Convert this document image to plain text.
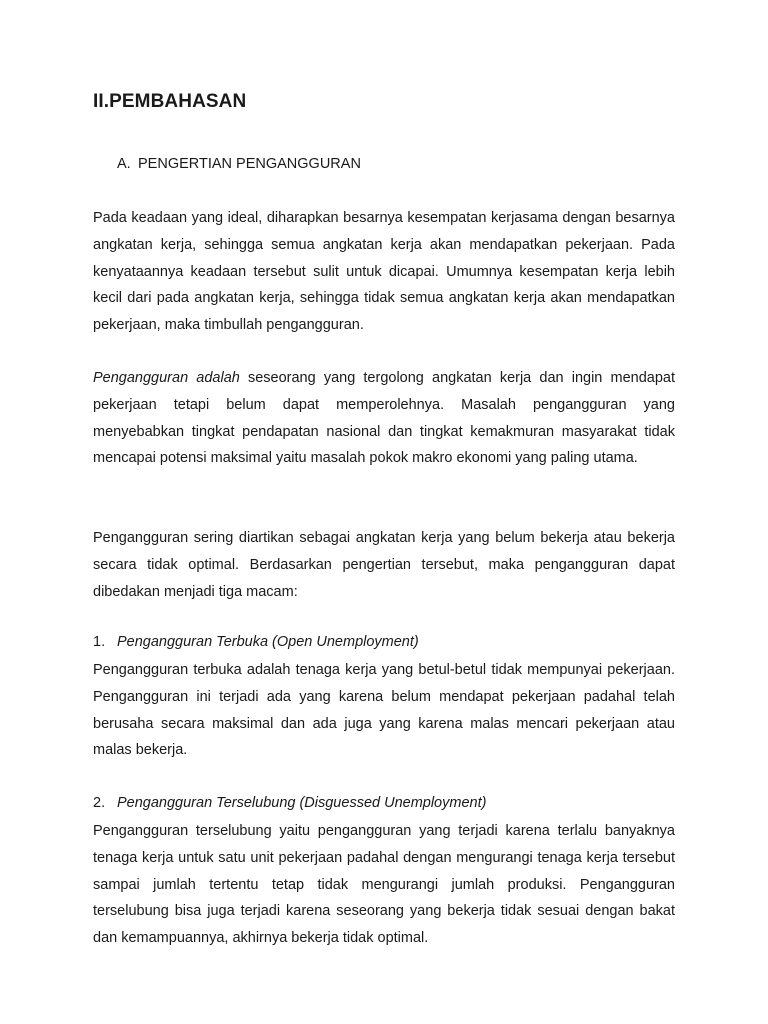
II.PEMBAHASAN
A. PENGERTIAN PENGANGGURAN

Pada keadaan yang ideal, diharapkan besarnya kesempatan kerjasama dengan besarnya angkatan kerja, sehingga semua angkatan kerja akan mendapatkan pekerjaan. Pada kenyataannya keadaan tersebut sulit untuk dicapai. Umumnya kesempatan kerja lebih kecil dari pada angkatan kerja, sehingga tidak semua angkatan kerja akan mendapatkan pekerjaan, maka timbullah pengangguran.

Pengangguran adalah seseorang yang tergolong angkatan kerja dan ingin mendapat pekerjaan tetapi belum dapat memperolehnya. Masalah pengangguran yang menyebabkan tingkat pendapatan nasional dan tingkat kemakmuran masyarakat tidak mencapai potensi maksimal yaitu masalah pokok makro ekonomi yang paling utama.

Pengangguran sering diartikan sebagai angkatan kerja yang belum bekerja atau bekerja secara tidak optimal. Berdasarkan pengertian tersebut, maka pengangguran dapat dibedakan menjadi tiga macam:

1. Pengangguran Terbuka (Open Unemployment)

Pengangguran terbuka adalah tenaga kerja yang betul-betul tidak mempunyai pekerjaan. Pengangguran ini terjadi ada yang karena belum mendapat pekerjaan padahal telah berusaha secara maksimal dan ada juga yang karena malas mencari pekerjaan atau malas bekerja.

2. Pengangguran Terselubung (Disguessed Unemployment)

Pengangguran terselubung yaitu pengangguran yang terjadi karena terlalu banyaknya tenaga kerja untuk satu unit pekerjaan padahal dengan mengurangi tenaga kerja tersebut sampai jumlah tertentu tetap tidak mengurangi jumlah produksi. Pengangguran terselubung bisa juga terjadi karena seseorang yang bekerja tidak sesuai dengan bakat dan kemampuannya, akhirnya bekerja tidak optimal.
